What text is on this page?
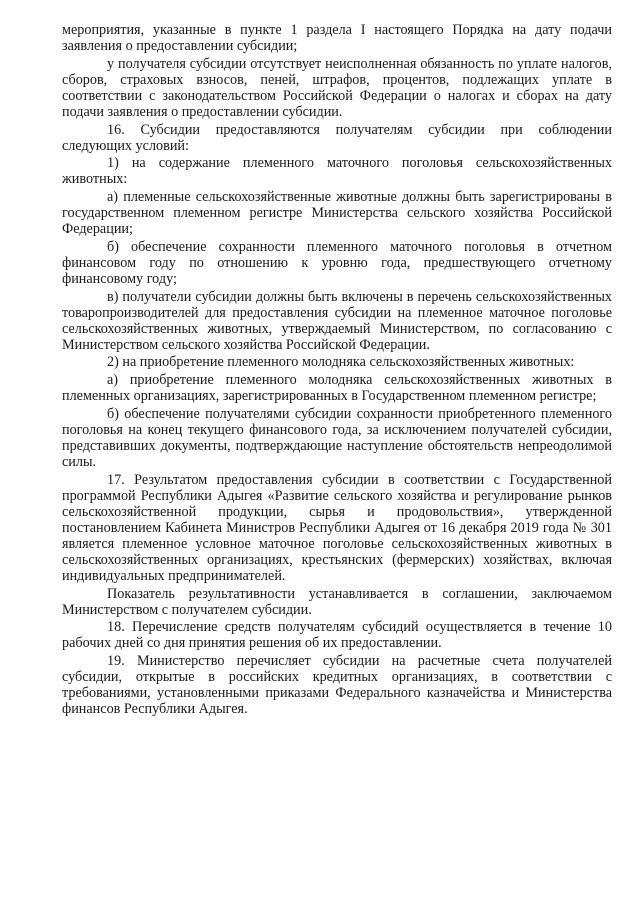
мероприятия, указанные в пункте 1 раздела I настоящего Порядка на дату подачи заявления о предоставлении субсидии;

у получателя субсидии отсутствует неисполненная обязанность по уплате налогов, сборов, страховых взносов, пеней, штрафов, процентов, подлежащих уплате в соответствии с законодательством Российской Федерации о налогах и сборах на дату подачи заявления о предоставлении субсидии.

16. Субсидии предоставляются получателям субсидии при соблюдении следующих условий:

1) на содержание племенного маточного поголовья сельскохозяйственных животных:

а) племенные сельскохозяйственные животные должны быть зарегистрированы в государственном племенном регистре Министерства сельского хозяйства Российской Федерации;

б) обеспечение сохранности племенного маточного поголовья в отчетном финансовом году по отношению к уровню года, предшествующего отчетному финансовому году;

в) получатели субсидии должны быть включены в перечень сельскохозяйственных товаропроизводителей для предоставления субсидии на племенное маточное поголовье сельскохозяйственных животных, утверждаемый Министерством, по согласованию с Министерством сельского хозяйства Российской Федерации.

2) на приобретение племенного молодняка сельскохозяйственных животных:

а) приобретение племенного молодняка сельскохозяйственных животных в племенных организациях, зарегистрированных в Государственном племенном регистре;

б) обеспечение получателями субсидии сохранности приобретенного племенного поголовья на конец текущего финансового года, за исключением получателей субсидии, представивших документы, подтверждающие наступление обстоятельств непреодолимой силы.

17. Результатом предоставления субсидии в соответствии с Государственной программой Республики Адыгея «Развитие сельского хозяйства и регулирование рынков сельскохозяйственной продукции, сырья и продовольствия», утвержденной постановлением Кабинета Министров Республики Адыгея от 16 декабря 2019 года № 301 является племенное условное маточное поголовье сельскохозяйственных животных в сельскохозяйственных организациях, крестьянских (фермерских) хозяйствах, включая индивидуальных предпринимателей.

Показатель результативности устанавливается в соглашении, заключаемом Министерством с получателем субсидии.

18. Перечисление средств получателям субсидий осуществляется в течение 10 рабочих дней со дня принятия решения об их предоставлении.

19. Министерство перечисляет субсидии на расчетные счета получателей субсидии, открытые в российских кредитных организациях, в соответствии с требованиями, установленными приказами Федерального казначейства и Министерства финансов Республики Адыгея.
